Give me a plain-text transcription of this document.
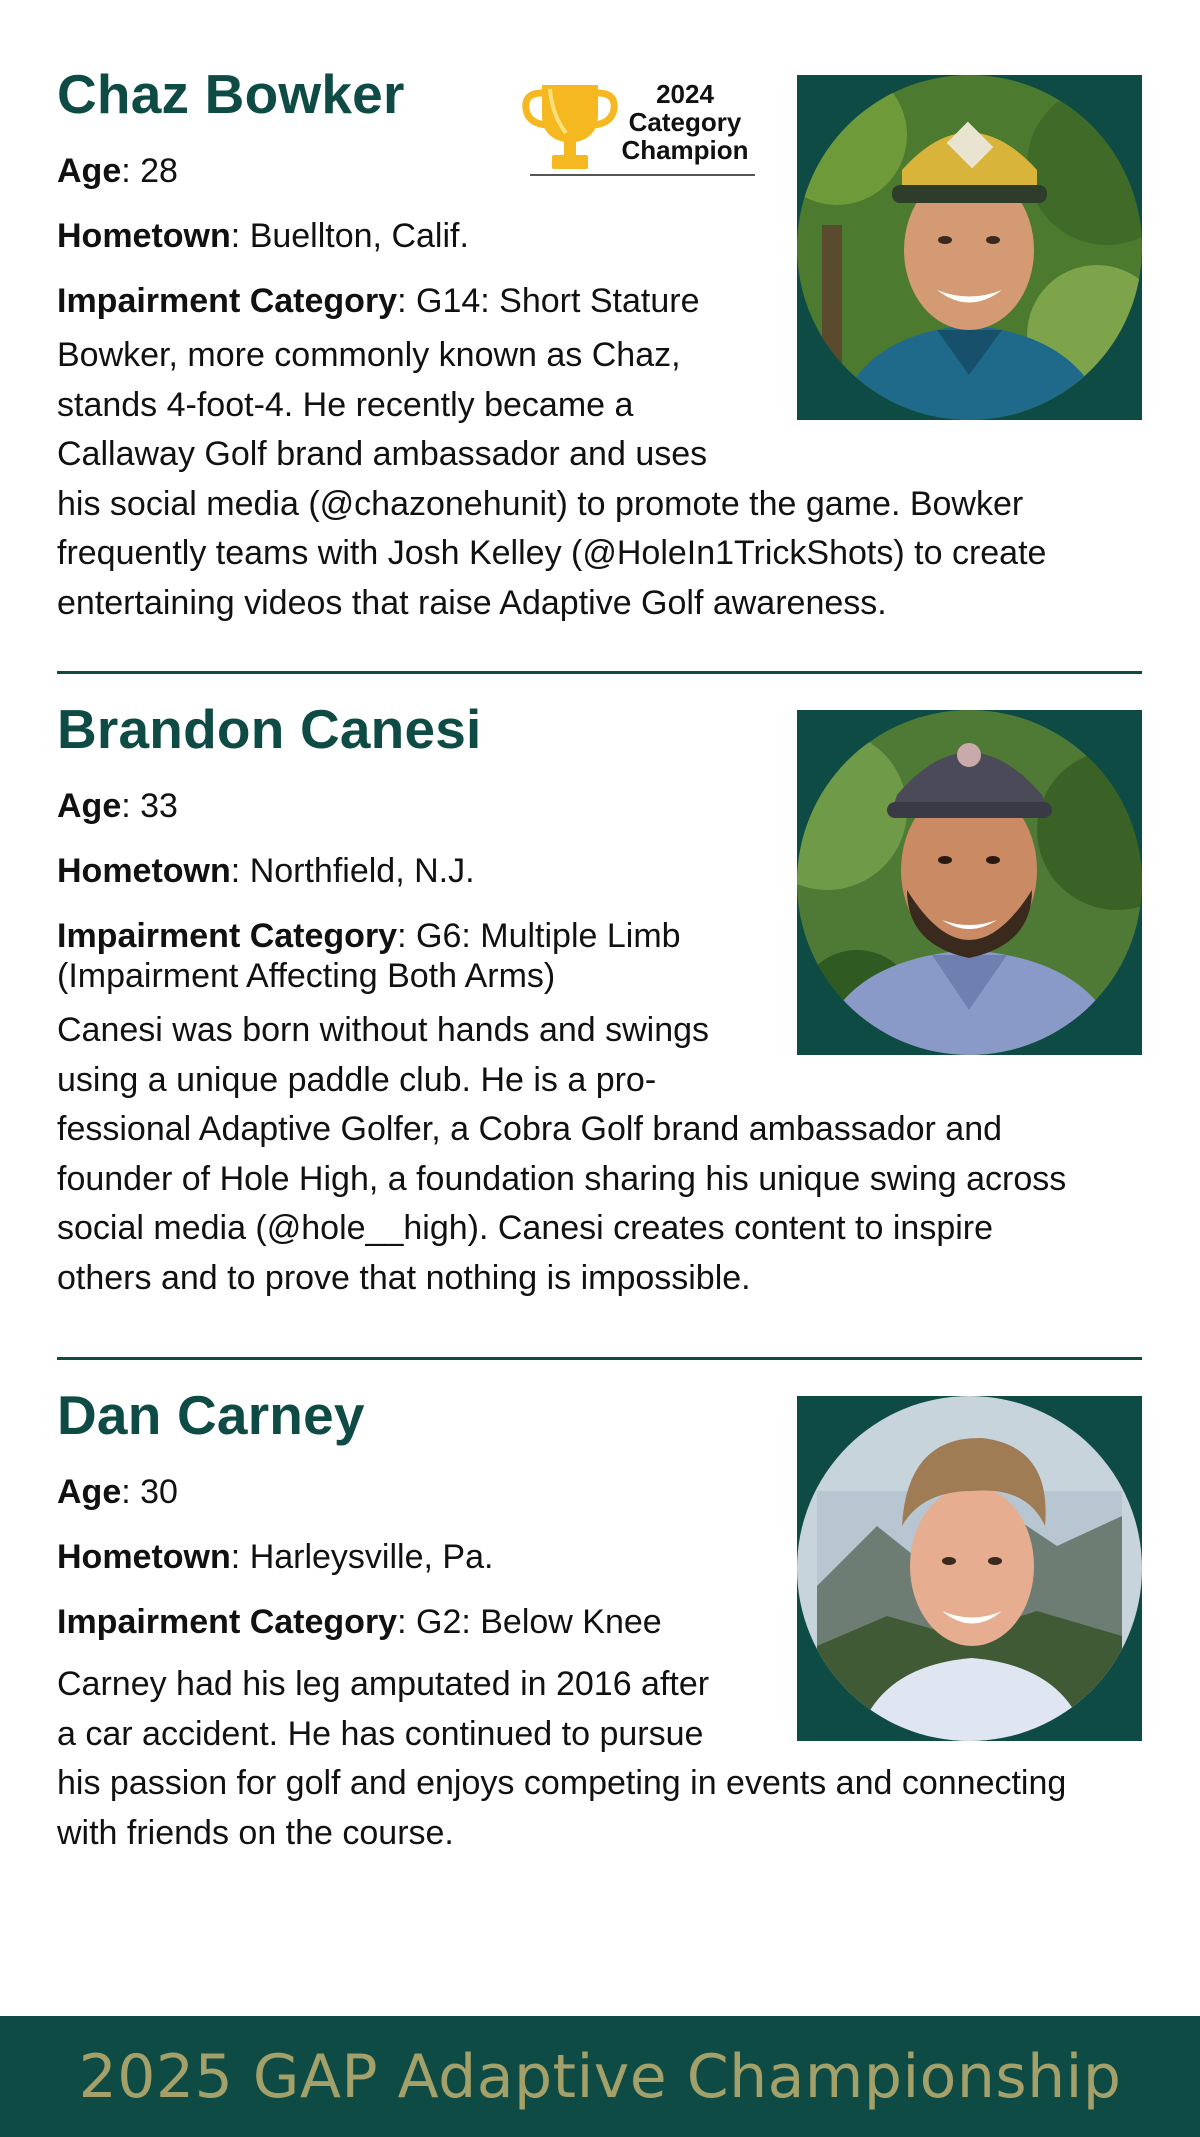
Chaz Bowker
Age: 28
Hometown: Buellton, Calif.
Impairment Category: G14: Short Stature
Bowker, more commonly known as Chaz,
stands 4-foot-4. He recently became a
Callaway Golf brand ambassador and uses
his social media (@chazonehunit) to promote the game. Bowker
frequently teams with Josh Kelley (@HoleIn1TrickShots) to create
entertaining videos that raise Adaptive Golf awareness.
2024
Category
Champion
Brandon Canesi
Age: 33
Hometown: Northfield, N.J.
Impairment Category: G6: Multiple Limb
(Impairment Affecting Both Arms)
Canesi was born without hands and swings
using a unique paddle club. He is a pro-
fessional Adaptive Golfer, a Cobra Golf brand ambassador and
founder of Hole High, a foundation sharing his unique swing across
social media (@hole__high). Canesi creates content to inspire
others and to prove that nothing is impossible.
Dan Carney
Age: 30
Hometown: Harleysville, Pa.
Impairment Category: G2: Below Knee
Carney had his leg amputated in 2016 after
a car accident. He has continued to pursue
his passion for golf and enjoys competing in events and connecting
with friends on the course.
2025 GAP Adaptive Championship
